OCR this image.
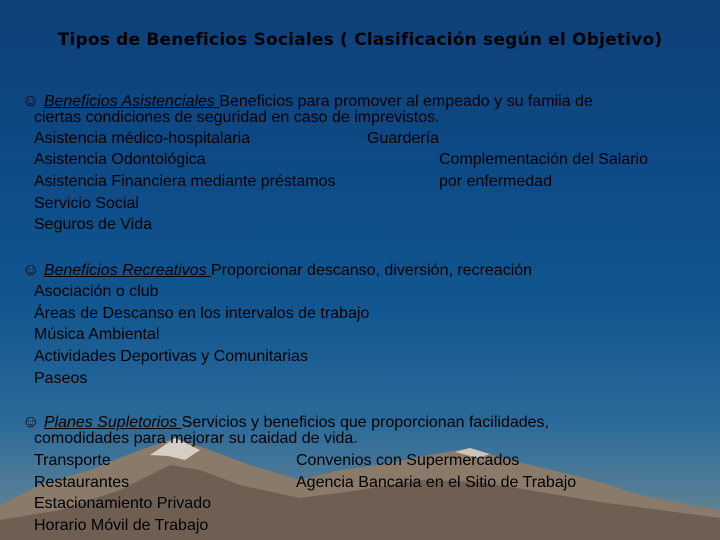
Tipos de Beneficios Sociales ( Clasificación según el Objetivo)
☺ Beneficios Asistenciales Beneficios para promover al empeado y su famiia de
ciertas condiciones de seguridad en caso de imprevistos.
Asistencia médico-hospitalaria	Guardería
Asistencia Odontológica	Complementación del Salario
Asistencia Financiera mediante préstamos	por enfermedad
Servicio Social
Seguros de Vida
☺ Beneficios Recreativos Proporcionar descanso, diversión, recreación
Asociación o club
Áreas de Descanso en los intervalos de trabajo
Música Ambiental
Actividades Deportivas y Comunitarias
Paseos
☺ Planes Supletorios Servicios y beneficios que proporcionan facilidades,
comodidades para mejorar su caidad de vida.
Transporte	Convenios con Supermercados
Restaurantes	Agencia Bancaria en el Sitio de Trabajo
Estacionamiento Privado
Horario Móvil de Trabajo
